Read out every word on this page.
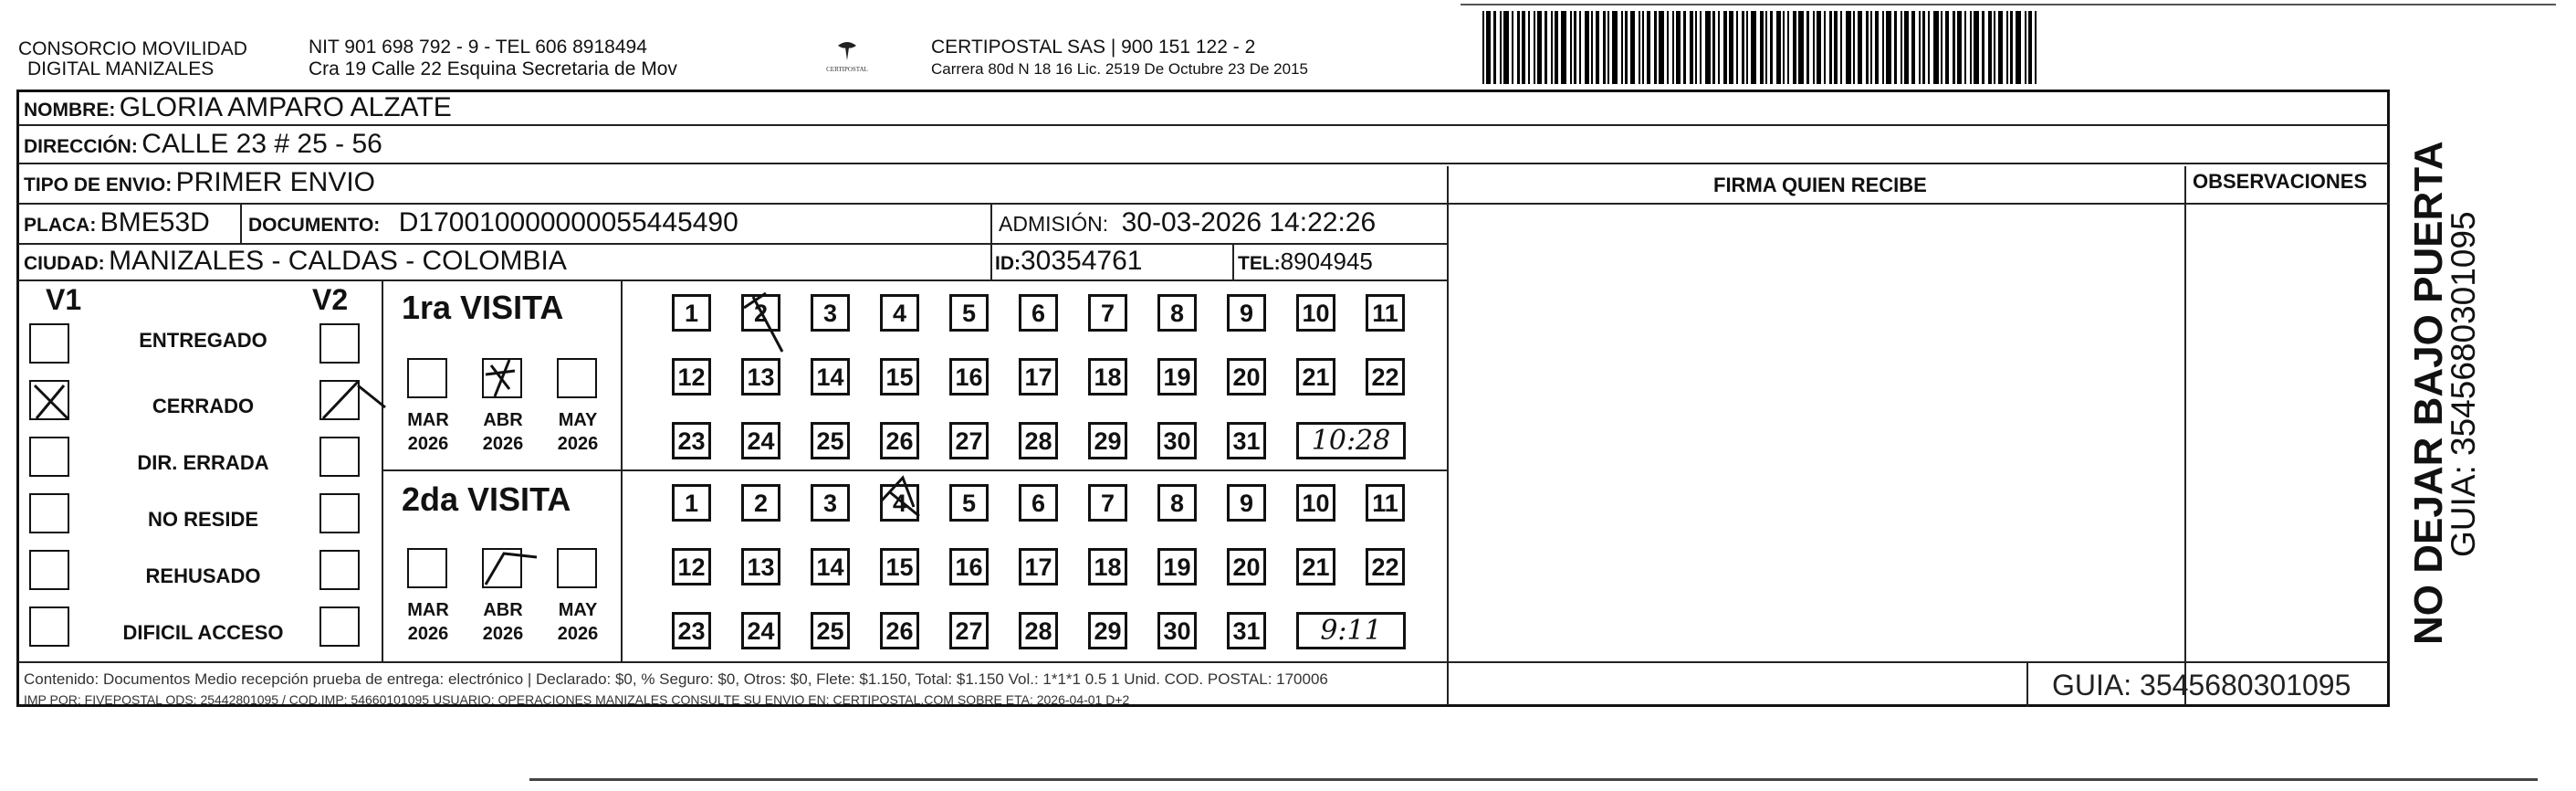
CONSORCIO MOVILIDAD
DIGITAL MANIZALES
NIT 901 698 792 - 9 - TEL 606 8918494
Cra 19 Calle 22 Esquina Secretaria de Mov	CERTIPOSTAL
CERTIPOSTAL SAS | 900 151 122 - 2
Carrera 80d N 18 16 Lic. 2519 De Octubre 23 De 2015
NOMBRE: GLORIA AMPARO ALZATE
DIRECCIÓN: CALLE 23 # 25 - 56
FIRMA QUIEN RECIBE	OBSERVACIONES
TIPO DE ENVIO: PRIMER ENVIO
PLACA: BME53D DOCUMENTO: D170010000000055445490	ADMISIÓN: 30-03-2026 14:22:26
CIUDAD: MANIZALES - CALDAS - COLOMBIA	ID:30354761	TEL:8904945
V1	V2
ENTREGADO
CERRADO
DIR. ERRADA
NO RESIDE
REHUSADO
DIFICIL ACCESO
1ra VISITA
MAR
2026
ABR
2026
MAY
2026
1	2	3	4	5	6	7	8	9	10 11
12 13 14 15 16 17 18 19 20 21 22
23 24 25 26 27 28 29 30 31	10:28
2da VISITA
MAR
2026
ABR
2026
MAY
2026
1	2	3	4	5	6	7	8	9	10 11
12 13 14 15 16 17 18 19 20 21 22
23 24 25 26 27 28 29 30 31	9:11
Contenido: Documentos Medio recepción prueba de entrega: electrónico | Declarado: $0, % Seguro: $0, Otros: $0, Flete: $1.150, Total: $1.150 Vol.: 1*1*1 0.5 1 Unid. COD. POSTAL: 170006
IMP POR: FIVEPOSTAL ODS: 25442801095 / COD.IMP: 54660101095 USUARIO: OPERACIONES MANIZALES CONSULTE SU ENVIO EN: CERTIPOSTAL.COM SOBRE ETA: 2026-04-01 D+2	GUIA: 3545680301095
NO DEJAR BAJO PUERTA
GUIA: 3545680301095
